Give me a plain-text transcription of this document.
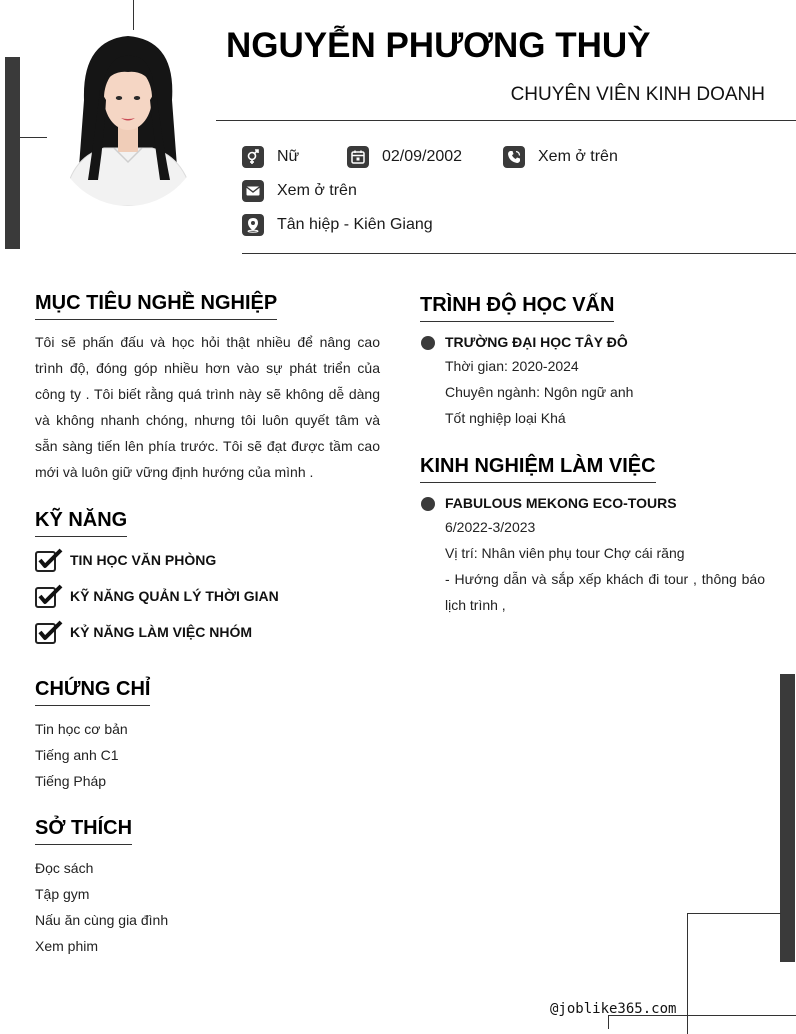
NGUYỄN PHƯƠNG THUỲ
CHUYÊN VIÊN KINH DOANH
Nữ	02/09/2002	Xem ở trên
Xem ở trên
Tân hiệp - Kiên Giang
MỤC TIÊU NGHỀ NGHIỆP
Tôi sẽ phấn đấu và học hỏi thật nhiều để nâng cao trình độ, đóng góp nhiều hơn vào sự phát triển của công ty . Tôi biết rằng quá trình này sẽ không dễ dàng và không nhanh chóng, nhưng tôi luôn quyết tâm và sẵn sàng tiến lên phía trước. Tôi sẽ đạt được tầm cao mới và luôn giữ vững định hướng của mình .
KỸ NĂNG
TIN HỌC VĂN PHÒNG
KỸ NĂNG QUẢN LÝ THỜI GIAN
KỶ NĂNG LÀM VIỆC NHÓM
CHỨNG CHỈ
Tin học cơ bản
Tiếng anh C1
Tiếng Pháp
SỞ THÍCH
Đọc sách
Tập gym
Nấu ăn cùng gia đình
Xem phim
TRÌNH ĐỘ HỌC VẤN
TRƯỜNG ĐẠI HỌC TÂY ĐÔ
Thời gian: 2020-2024
Chuyên ngành: Ngôn ngữ anh
Tốt nghiệp loại Khá
KINH NGHIỆM LÀM VIỆC
FABULOUS MEKONG ECO-TOURS
6/2022-3/2023
Vị trí: Nhân viên phụ tour Chợ cái răng
- Hướng dẫn và sắp xếp khách đi tour , thông báo lịch trình ,
@joblike365.com
